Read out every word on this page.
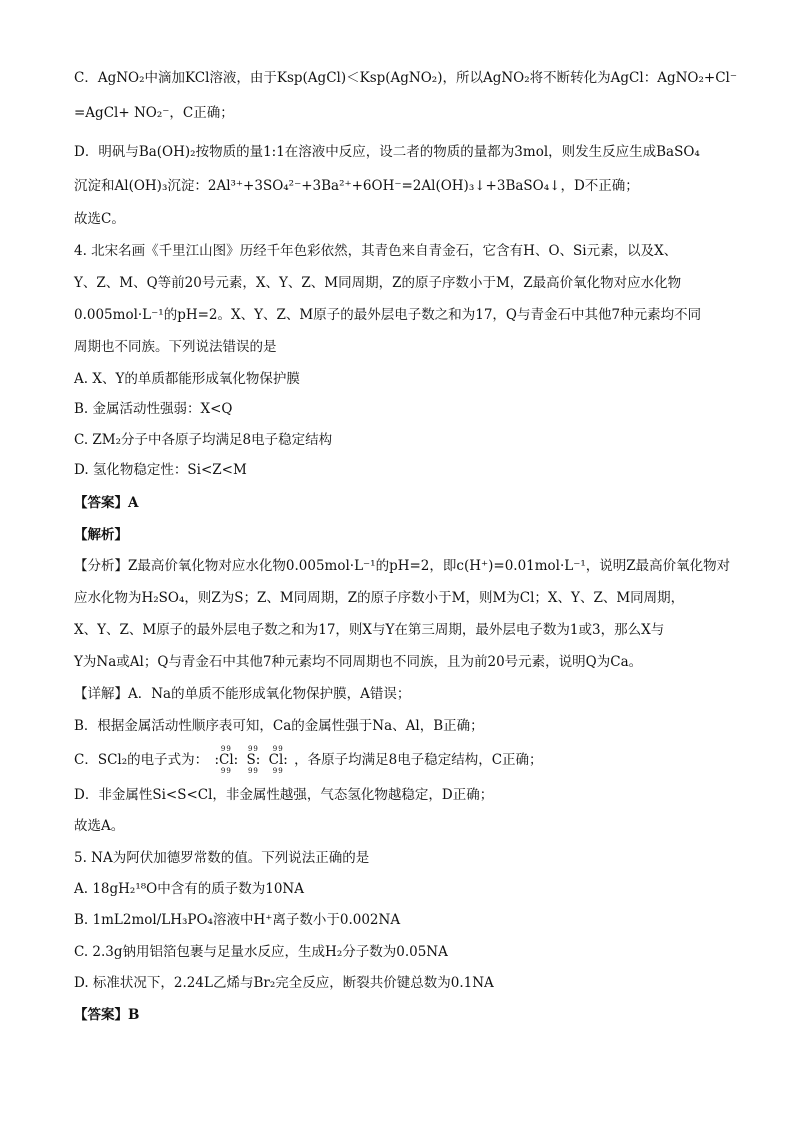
C．AgNO₂中滴加KCl溶液，由于Ksp(AgCl)＜Ksp(AgNO₂)，所以AgNO₂将不断转化为AgCl：AgNO₂+Cl⁻
=AgCl+ NO₂⁻，C正确；
D．明矾与Ba(OH)₂按物质的量1:1在溶液中反应，设二者的物质的量都为3mol，则发生反应生成BaSO₄
沉淀和Al(OH)₃沉淀：2Al³⁺+3SO₄²⁻+3Ba²⁺+6OH⁻=2Al(OH)₃↓+3BaSO₄↓，D不正确；
故选C。
4. 北宋名画《千里江山图》历经千年色彩依然，其青色来自青金石，它含有H、O、Si元素，以及X、
Y、Z、M、Q等前20号元素，X、Y、Z、M同周期，Z的原子序数小于M，Z最高价氧化物对应水化物
0.005mol·L⁻¹的pH=2。X、Y、Z、M原子的最外层电子数之和为17，Q与青金石中其他7种元素均不同
周期也不同族。下列说法错误的是
A. X、Y的单质都能形成氧化物保护膜
B. 金属活动性强弱：X<Q
C. ZM₂分子中各原子均满足8电子稳定结构
D. 氢化物稳定性：Si<Z<M
【答案】A
【解析】
【分析】Z最高价氧化物对应水化物0.005mol·L⁻¹的pH=2，即c(H⁺)=0.01mol·L⁻¹，说明Z最高价氧化物对
应水化物为H₂SO₄，则Z为S；Z、M同周期，Z的原子序数小于M，则M为Cl；X、Y、Z、M同周期，
X、Y、Z、M原子的最外层电子数之和为17，则X与Y在第三周期，最外层电子数为1或3，那么X与
Y为Na或Al；Q与青金石中其他7种元素均不同周期也不同族，且为前20号元素，说明Q为Ca。
【详解】A．Na的单质不能形成氧化物保护膜，A错误；
B．根据金属活动性顺序表可知，Ca的金属性强于Na、Al，B正确；
C．SCl₂的电子式为：
99
:Cl:
99

99
S:
99

99
Cl:
99
，各原子均满足8电子稳定结构，C正确；
D．非金属性Si<S<Cl，非金属性越强，气态氢化物越稳定，D正确；
故选A。
5. NA为阿伏加德罗常数的值。下列说法正确的是
A. 18gH₂¹⁸O中含有的质子数为10NA
B. 1mL2mol/LH₃PO₄溶液中H⁺离子数小于0.002NA
C. 2.3g钠用铝箔包裹与足量水反应，生成H₂分子数为0.05NA
D. 标准状况下，2.24L乙烯与Br₂完全反应，断裂共价键总数为0.1NA
【答案】B
